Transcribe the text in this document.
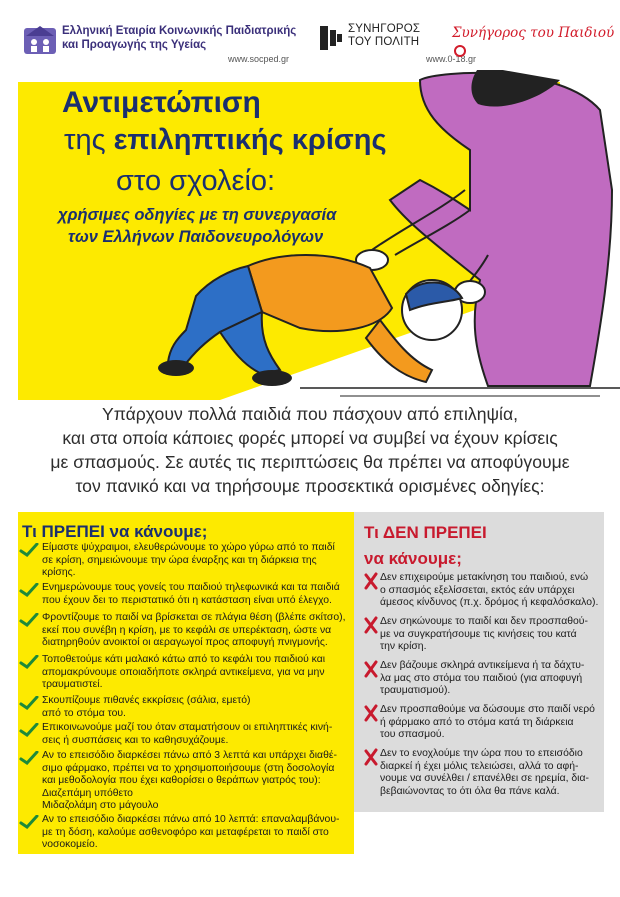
Ελληνική Εταιρία Κοινωνικής Παιδιατρικής
και Προαγωγής της Υγείας
www.socped.gr
ΣΥΝΗΓΟΡΟΣ
ΤΟΥ ΠΟΛΙΤΗ
www.0-18.gr
Συνήγορος του Παιδιού
Αντιμετώπιση
της επιληπτικής κρίσης
στο σχολείο:
χρήσιμες οδηγίες με τη συνεργασία
των Ελλήνων Παιδονευρολόγων
Υπάρχουν πολλά παιδιά που πάσχουν από επιληψία,
και στα οποία κάποιες φορές μπορεί να συμβεί να έχουν κρίσεις
με σπασμούς. Σε αυτές τις περιπτώσεις θα πρέπει να αποφύγουμε
τον πανικό και να τηρήσουμε προσεκτικά ορισμένες οδηγίες:
Τι ΠΡΕΠΕΙ να κάνουμε;
Είμαστε ψύχραιμοι, ελευθερώνουμε το χώρο γύρω από το παιδί
σε κρίση, σημειώνουμε την ώρα έναρξης και τη διάρκεια της
κρίσης.
Ενημερώνουμε τους γονείς του παιδιού τηλεφωνικά και τα παιδιά
που έχουν δει το περιστατικό ότι η κατάσταση είναι υπό έλεγχο.
Φροντίζουμε το παιδί να βρίσκεται σε πλάγια θέση (βλέπε σκίτσο),
εκεί που συνέβη η κρίση, με το κεφάλι σε υπερέκταση, ώστε να
διατηρηθούν ανοικτοί οι αεραγωγοί προς αποφυγή πνιγμονής.
Τοποθετούμε κάτι μαλακό κάτω από το κεφάλι του παιδιού και
απομακρύνουμε οποιαδήποτε σκληρά αντικείμενα, για να μην
τραυματιστεί.
Σκουπίζουμε πιθανές εκκρίσεις (σάλια, εμετό)
από το στόμα του.
Επικοινωνούμε μαζί του όταν σταματήσουν οι επιληπτικές κινή-
σεις ή συσπάσεις και το καθησυχάζουμε.
Αν το επεισόδιο διαρκέσει πάνω από 3 λεπτά και υπάρχει διαθέ-
σιμο φάρμακο, πρέπει να το χρησιμοποιήσουμε (στη δοσολογία
και μεθοδολογία που έχει καθορίσει ο θεράπων γιατρός του):
Διαζεπάμη υπόθετο
Μιδαζολάμη στο μάγουλο
Αν το επεισόδιο διαρκέσει πάνω από 10 λεπτά: επαναλαμβάνου-
με τη δόση, καλούμε ασθενοφόρο και μεταφέρεται το παιδί στο
νοσοκομείο.
Τι ΔΕΝ ΠΡΕΠΕΙ
να κάνουμε;
Δεν επιχειρούμε μετακίνηση του παιδιού, ενώ
ο σπασμός εξελίσσεται, εκτός εάν υπάρχει
άμεσος κίνδυνος (π.χ. δρόμος ή κεφαλόσκαλο).
Δεν σηκώνουμε το παιδί και δεν προσπαθού-
με να συγκρατήσουμε τις κινήσεις του κατά
την κρίση.
Δεν βάζουμε σκληρά αντικείμενα ή τα δάχτυ-
λα μας στο στόμα του παιδιού (για αποφυγή
τραυματισμού).
Δεν προσπαθούμε να δώσουμε στο παιδί νερό
ή φάρμακο από το στόμα κατά τη διάρκεια
του σπασμού.
Δεν το ενοχλούμε την ώρα που το επεισόδιο
διαρκεί ή έχει μόλις τελειώσει, αλλά το αφή-
νουμε να συνέλθει / επανέλθει σε ηρεμία, δια-
βεβαιώνοντας το ότι όλα θα πάνε καλά.
